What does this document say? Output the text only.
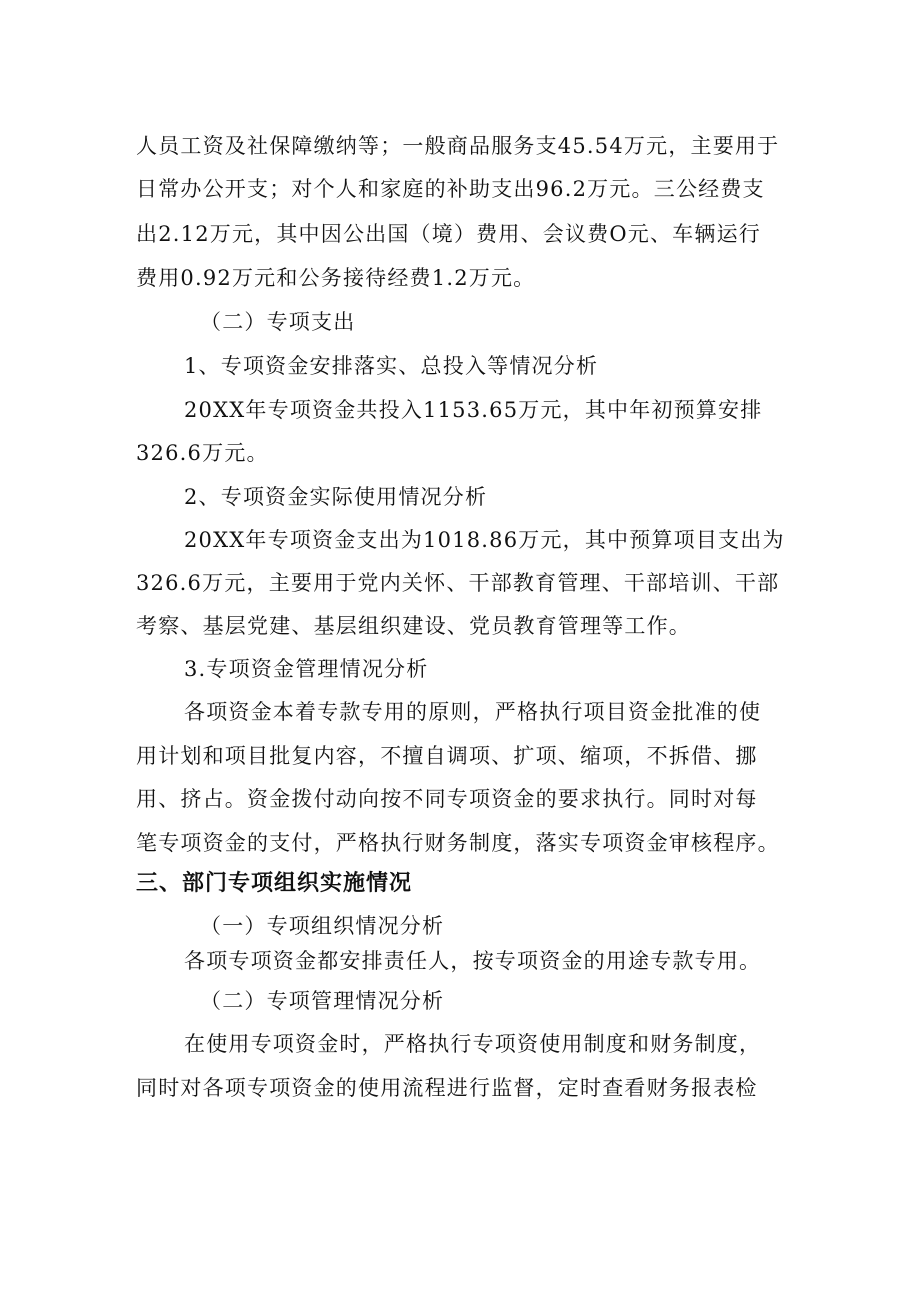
人员工资及社保障缴纳等；一般商品服务支45.54万元，主要用于
日常办公开支；对个人和家庭的补助支出96.2万元。三公经费支
出2.12万元，其中因公出国（境）费用、会议费O元、车辆运行
费用0.92万元和公务接待经费1.2万元。
（二）专项支出
1、专项资金安排落实、总投入等情况分析
20XX年专项资金共投入1153.65万元，其中年初预算安排
326.6万元。
2、专项资金实际使用情况分析
20XX年专项资金支出为1018.86万元，其中预算项目支出为
326.6万元，主要用于党内关怀、干部教育管理、干部培训、干部
考察、基层党建、基层组织建设、党员教育管理等工作。
3.专项资金管理情况分析
各项资金本着专款专用的原则，严格执行项目资金批准的使
用计划和项目批复内容，不擅自调项、扩项、缩项，不拆借、挪
用、挤占。资金拨付动向按不同专项资金的要求执行。同时对每
笔专项资金的支付，严格执行财务制度，落实专项资金审核程序。
三、部门专项组织实施情况
（一）专项组织情况分析
各项专项资金都安排责任人，按专项资金的用途专款专用。
（二）专项管理情况分析
在使用专项资金时，严格执行专项资使用制度和财务制度，
同时对各项专项资金的使用流程进行监督，定时查看财务报表检
